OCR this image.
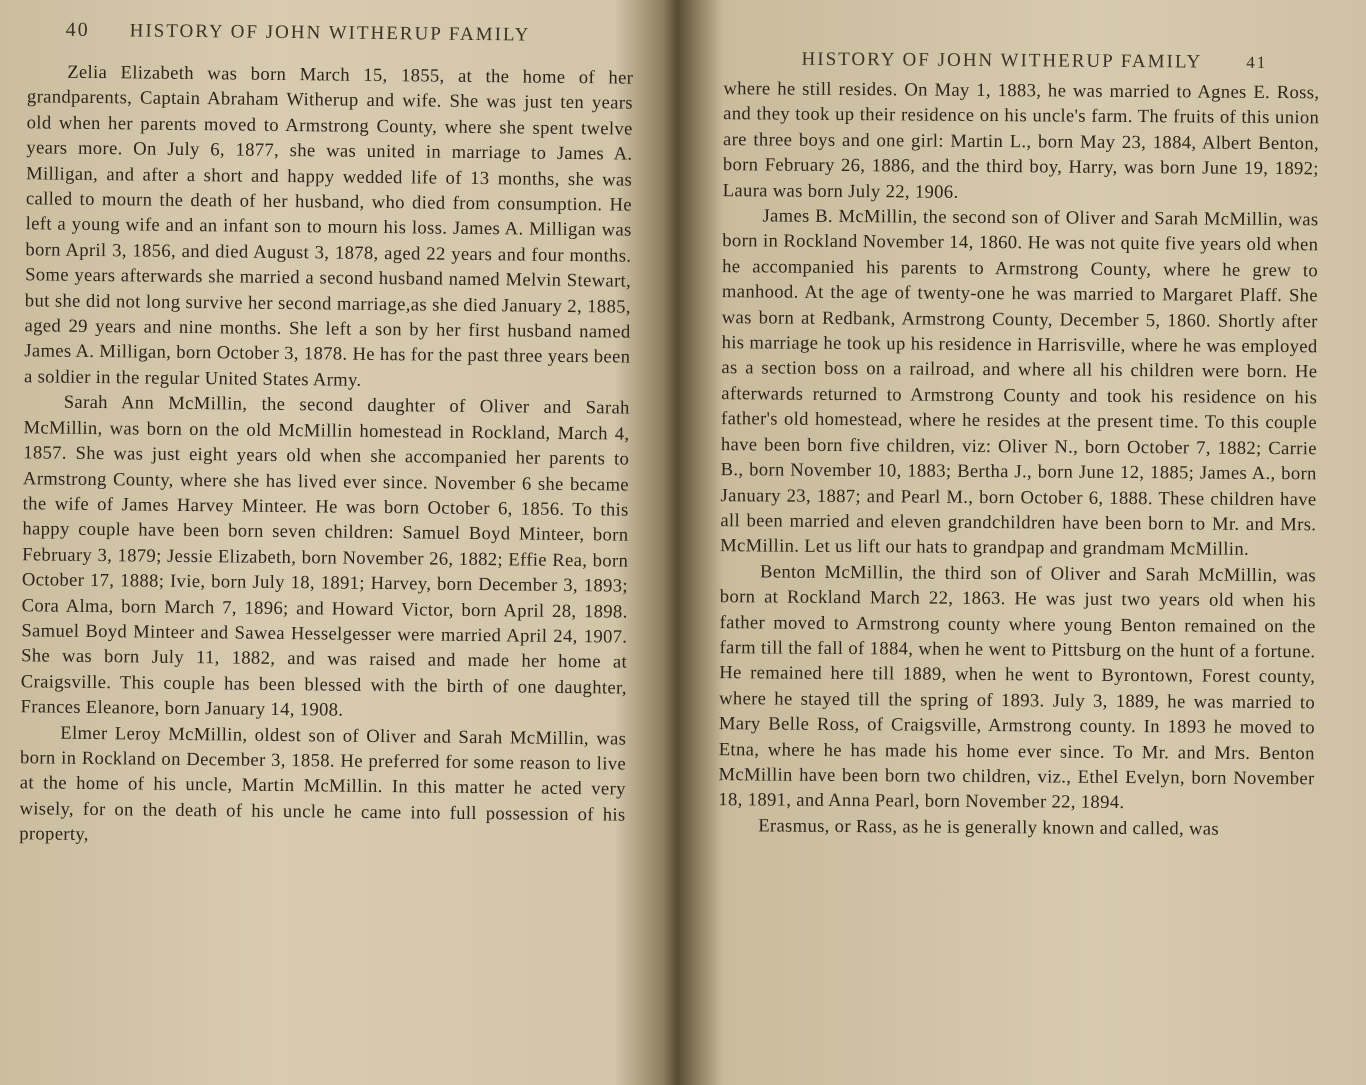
40 HISTORY OF JOHN WITHERUP FAMILY

Zelia Elizabeth was born March 15, 1855, at the home of her grandparents, Captain Abraham Witherup and wife. She was just ten years old when her parents moved to Armstrong County, where she spent twelve years more. On July 6, 1877, she was united in marriage to James A. Milligan, and after a short and happy wedded life of 13 months, she was called to mourn the death of her husband, who died from consumption. He left a young wife and an infant son to mourn his loss. James A. Milligan was born April 3, 1856, and died August 3, 1878, aged 22 years and four months. Some years afterwards she married a second husband named Melvin Stewart, but she did not long survive her second marriage,as she died January 2, 1885, aged 29 years and nine months. She left a son by her first husband named James A. Milligan, born October 3, 1878. He has for the past three years been a soldier in the regular United States Army.

Sarah Ann McMillin, the second daughter of Oliver and Sarah McMillin, was born on the old McMillin homestead in Rockland, March 4, 1857. She was just eight years old when she accompanied her parents to Armstrong County, where she has lived ever since. November 6 she became the wife of James Harvey Minteer. He was born October 6, 1856. To this happy couple have been born seven children: Samuel Boyd Minteer, born February 3, 1879; Jessie Elizabeth, born November 26, 1882; Effie Rea, born October 17, 1888; Ivie, born July 18, 1891; Harvey, born December 3, 1893; Cora Alma, born March 7, 1896; and Howard Victor, born April 28, 1898. Samuel Boyd Minteer and Sawea Hesselgesser were married April 24, 1907. She was born July 11, 1882, and was raised and made her home at Craigsville. This couple has been blessed with the birth of one daughter, Frances Eleanore, born January 14, 1908.

Elmer Leroy McMillin, oldest son of Oliver and Sarah McMillin, was born in Rockland on December 3, 1858. He preferred for some reason to live at the home of his uncle, Martin McMillin. In this matter he acted very wisely, for on the death of his uncle he came into full possession of his property,

HISTORY OF JOHN WITHERUP FAMILY	41

where he still resides. On May 1, 1883, he was married to Agnes E. Ross, and they took up their residence on his uncle's farm. The fruits of this union are three boys and one girl: Martin L., born May 23, 1884, Albert Benton, born February 26, 1886, and the third boy, Harry, was born June 19, 1892; Laura was born July 22, 1906.

James B. McMillin, the second son of Oliver and Sarah McMillin, was born in Rockland November 14, 1860. He was not quite five years old when he accompanied his parents to Armstrong County, where he grew to manhood. At the age of twenty-one he was married to Margaret Plaff. She was born at Redbank, Armstrong County, December 5, 1860. Shortly after his marriage he took up his residence in Harrisville, where he was employed as a section boss on a railroad, and where all his children were born. He afterwards returned to Armstrong County and took his residence on his father's old homestead, where he resides at the present time. To this couple have been born five children, viz: Oliver N., born October 7, 1882; Carrie B., born November 10, 1883; Bertha J., born June 12, 1885; James A., born January 23, 1887; and Pearl M., born October 6, 1888. These children have all been married and eleven grandchildren have been born to Mr. and Mrs. McMillin. Let us lift our hats to grandpap and grandmam McMillin.

Benton McMillin, the third son of Oliver and Sarah McMillin, was born at Rockland March 22, 1863. He was just two years old when his father moved to Armstrong county where young Benton remained on the farm till the fall of 1884, when he went to Pittsburg on the hunt of a fortune. He remained here till 1889, when he went to Byrontown, Forest county, where he stayed till the spring of 1893. July 3, 1889, he was married to Mary Belle Ross, of Craigsville, Armstrong county. In 1893 he moved to Etna, where he has made his home ever since. To Mr. and Mrs. Benton McMillin have been born two children, viz., Ethel Evelyn, born November 18, 1891, and Anna Pearl, born November 22, 1894.

Erasmus, or Rass, as he is generally known and called, was
